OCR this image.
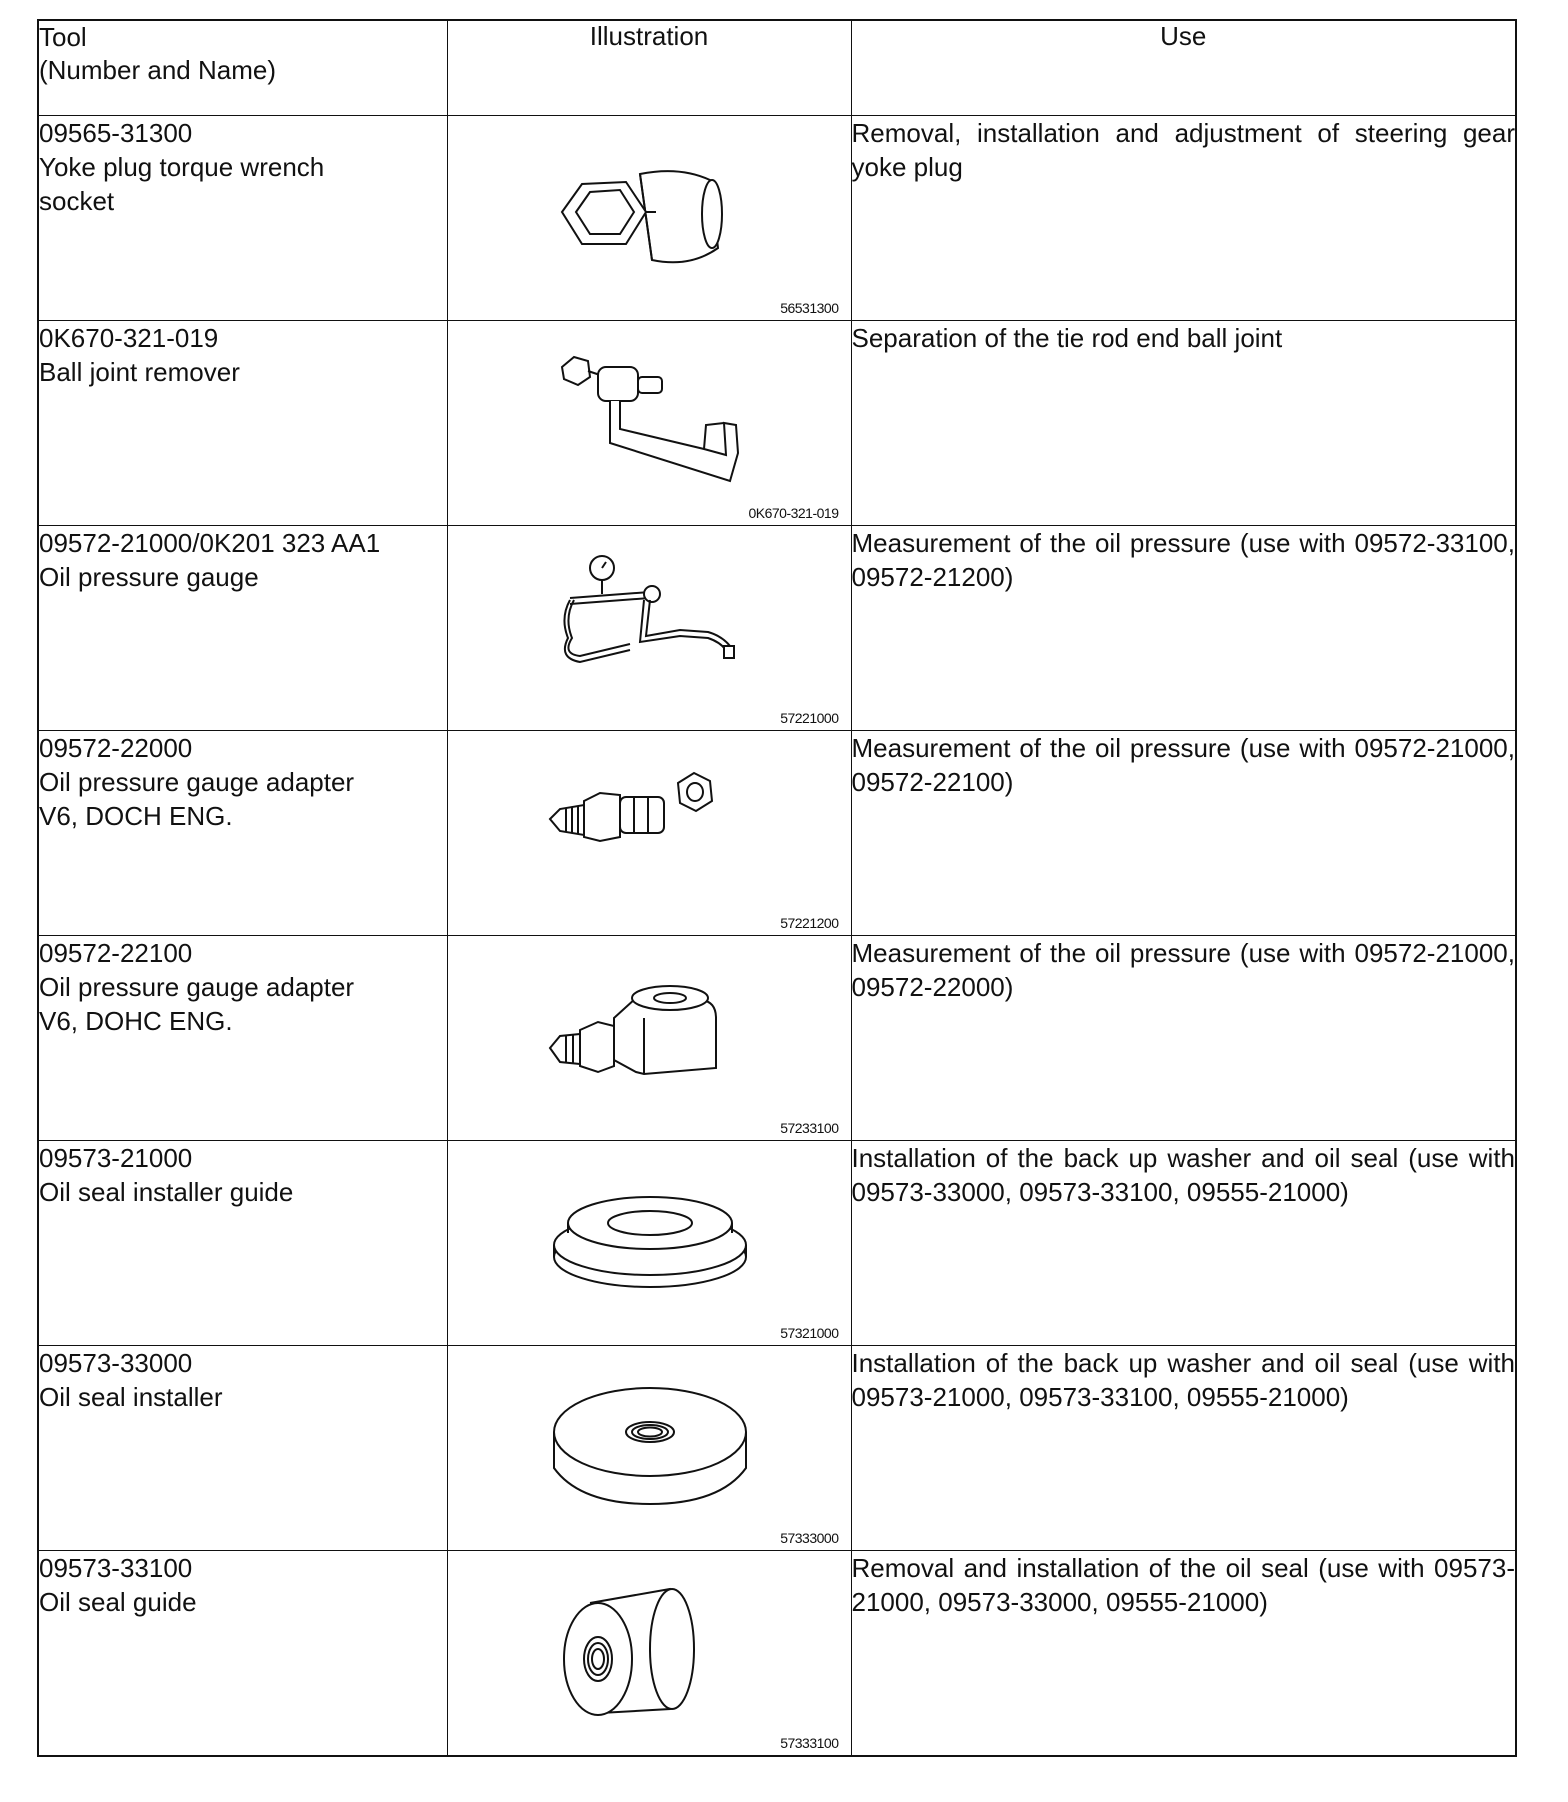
Tool
(Number and Name)	Illustration	Use

09565-31300
Yoke plug torque wrench
socket	56531300	Removal, installation and adjustment of steering gear yoke plug

0K670-321-019
Ball joint remover	0K670-321-019	Separation of the tie rod end ball joint

09572-21000/0K201 323 AA1
Oil pressure gauge	57221000	Measurement of the oil pressure (use with 09572-33100, 09572-21200)

09572-22000
Oil pressure gauge adapter
V6, DOCH ENG.	57221200	Measurement of the oil pressure (use with 09572-21000, 09572-22100)

09572-22100
Oil pressure gauge adapter
V6, DOHC ENG.	57233100	Measurement of the oil pressure (use with 09572-21000, 09572-22000)

09573-21000
Oil seal installer guide	57321000	Installation of the back up washer and oil seal (use with 09573-33000, 09573-33100, 09555-21000)

09573-33000
Oil seal installer	57333000	Installation of the back up washer and oil seal (use with 09573-21000, 09573-33100, 09555-21000)

09573-33100
Oil seal guide	57333100	Removal and installation of the oil seal (use with 09573-21000, 09573-33000, 09555-21000)
